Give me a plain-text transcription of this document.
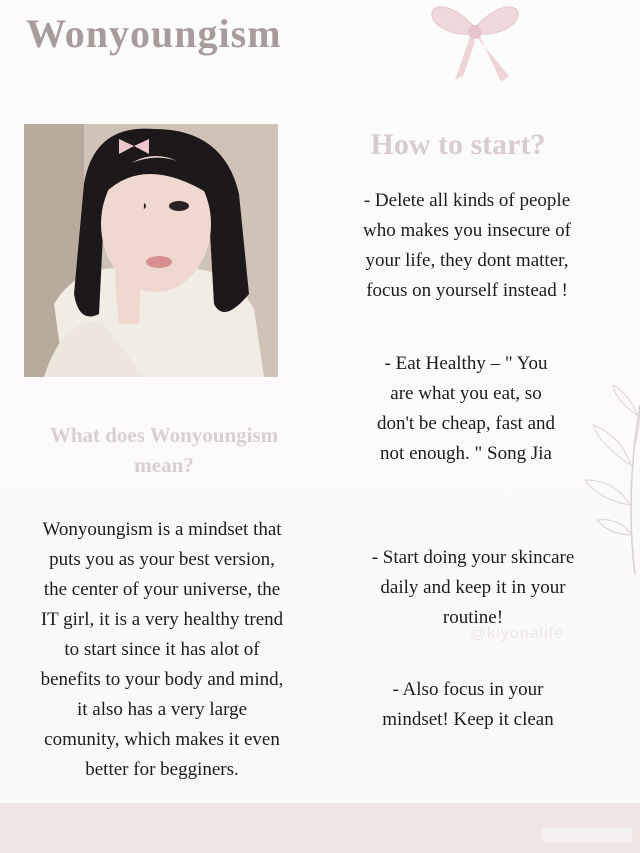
Wonyoungism
How to start?
- Delete all kinds of people
who makes you insecure of
your life, they dont matter,
focus on yourself instead !
- Eat Healthy – " You
are what you eat, so
don't be cheap, fast and
not enough. " Song Jia
- Start doing your skincare
daily and keep it in your
routine!
- Also focus in your
mindset! Keep it clean
What does Wonyoungism
mean?
Wonyoungism is a mindset that
puts you as your best version,
the center of your universe, the
IT girl, it is a very healthy trend
to start since it has alot of
benefits to your body and mind,
it also has a very large
comunity, which makes it even
better for begginers.
@kiyonalife
